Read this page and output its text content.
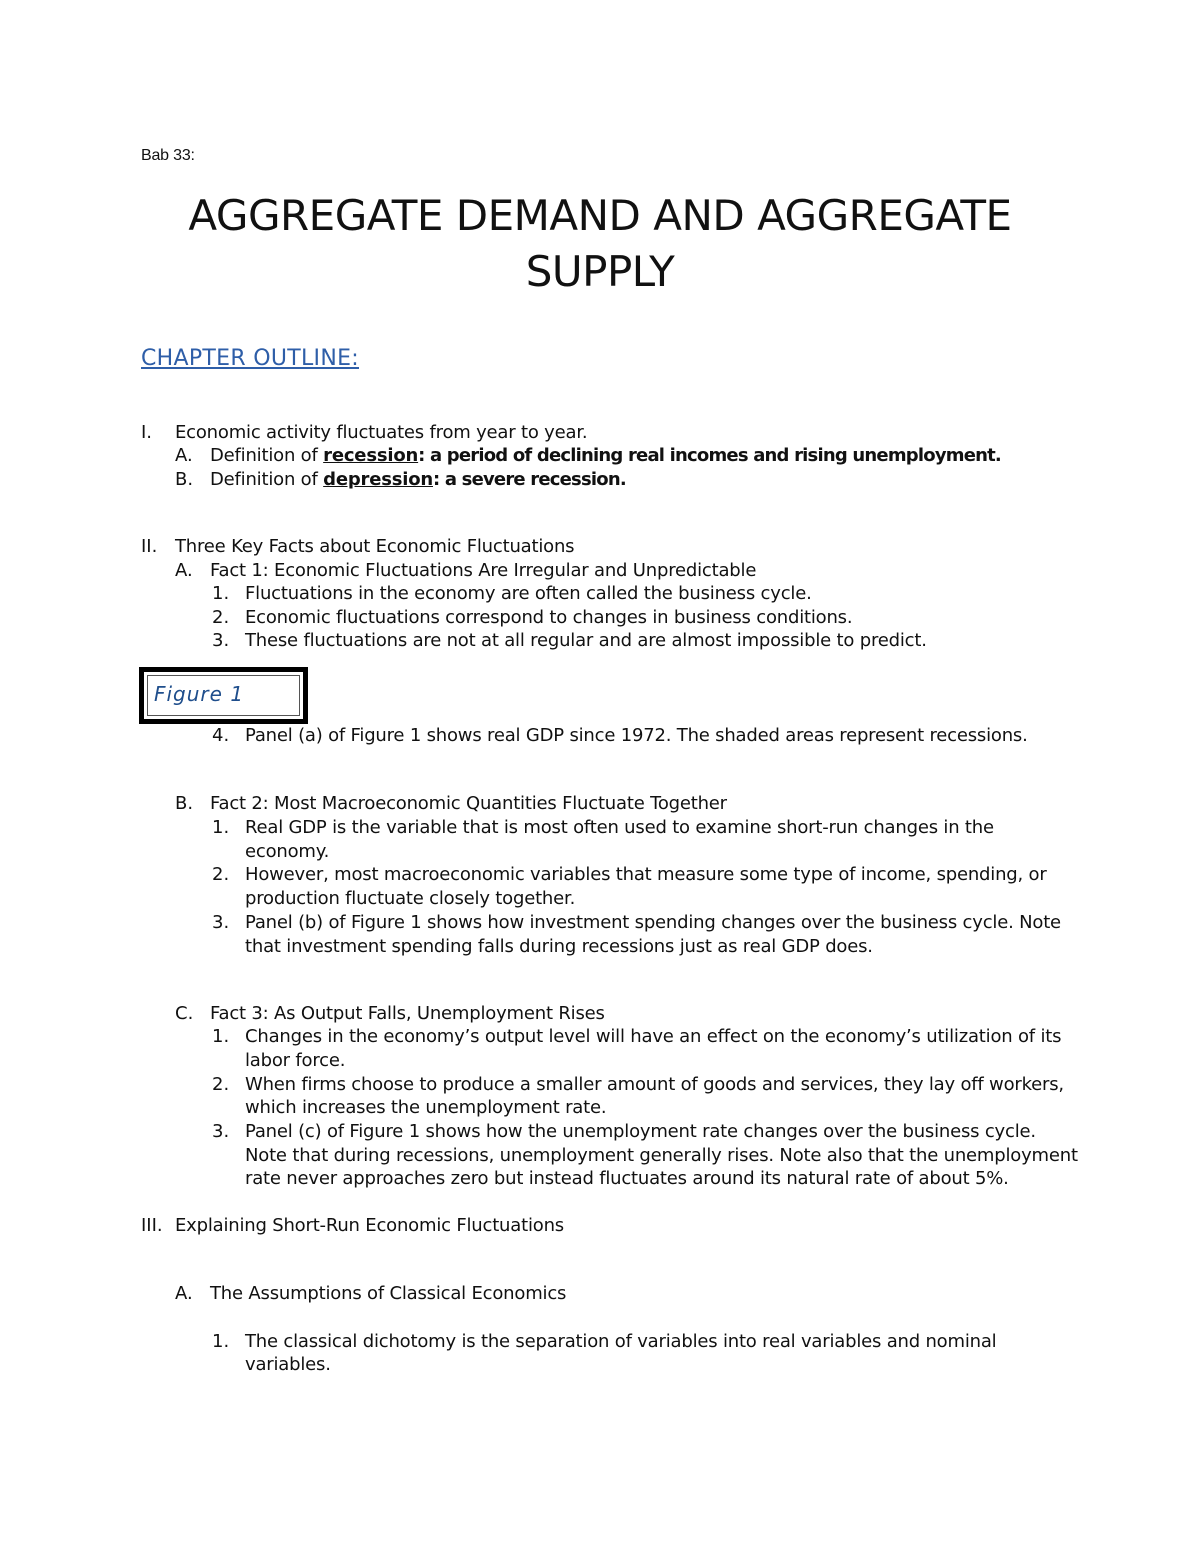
Bab 33:
AGGREGATE DEMAND AND AGGREGATE
SUPPLY
CHAPTER OUTLINE:
I. Economic activity fluctuates from year to year.
A. Definition of recession: a period of declining real incomes and rising unemployment.
B. Definition of depression: a severe recession.
II. Three Key Facts about Economic Fluctuations
A. Fact 1: Economic Fluctuations Are Irregular and Unpredictable
1. Fluctuations in the economy are often called the business cycle.
2. Economic fluctuations correspond to changes in business conditions.
3. These fluctuations are not at all regular and are almost impossible to predict.
Figure 1
4. Panel (a) of Figure 1 shows real GDP since 1972. The shaded areas represent recessions.
B. Fact 2: Most Macroeconomic Quantities Fluctuate Together
1. Real GDP is the variable that is most often used to examine short-run changes in the
economy.
2. However, most macroeconomic variables that measure some type of income, spending, or
production fluctuate closely together.
3. Panel (b) of Figure 1 shows how investment spending changes over the business cycle. Note
that investment spending falls during recessions just as real GDP does.
C. Fact 3: As Output Falls, Unemployment Rises
1. Changes in the economy’s output level will have an effect on the economy’s utilization of its
labor force.
2. When firms choose to produce a smaller amount of goods and services, they lay off workers,
which increases the unemployment rate.
3. Panel (c) of Figure 1 shows how the unemployment rate changes over the business cycle.
Note that during recessions, unemployment generally rises. Note also that the unemployment
rate never approaches zero but instead fluctuates around its natural rate of about 5%.
III. Explaining Short-Run Economic Fluctuations
A. The Assumptions of Classical Economics
1. The classical dichotomy is the separation of variables into real variables and nominal
variables.
